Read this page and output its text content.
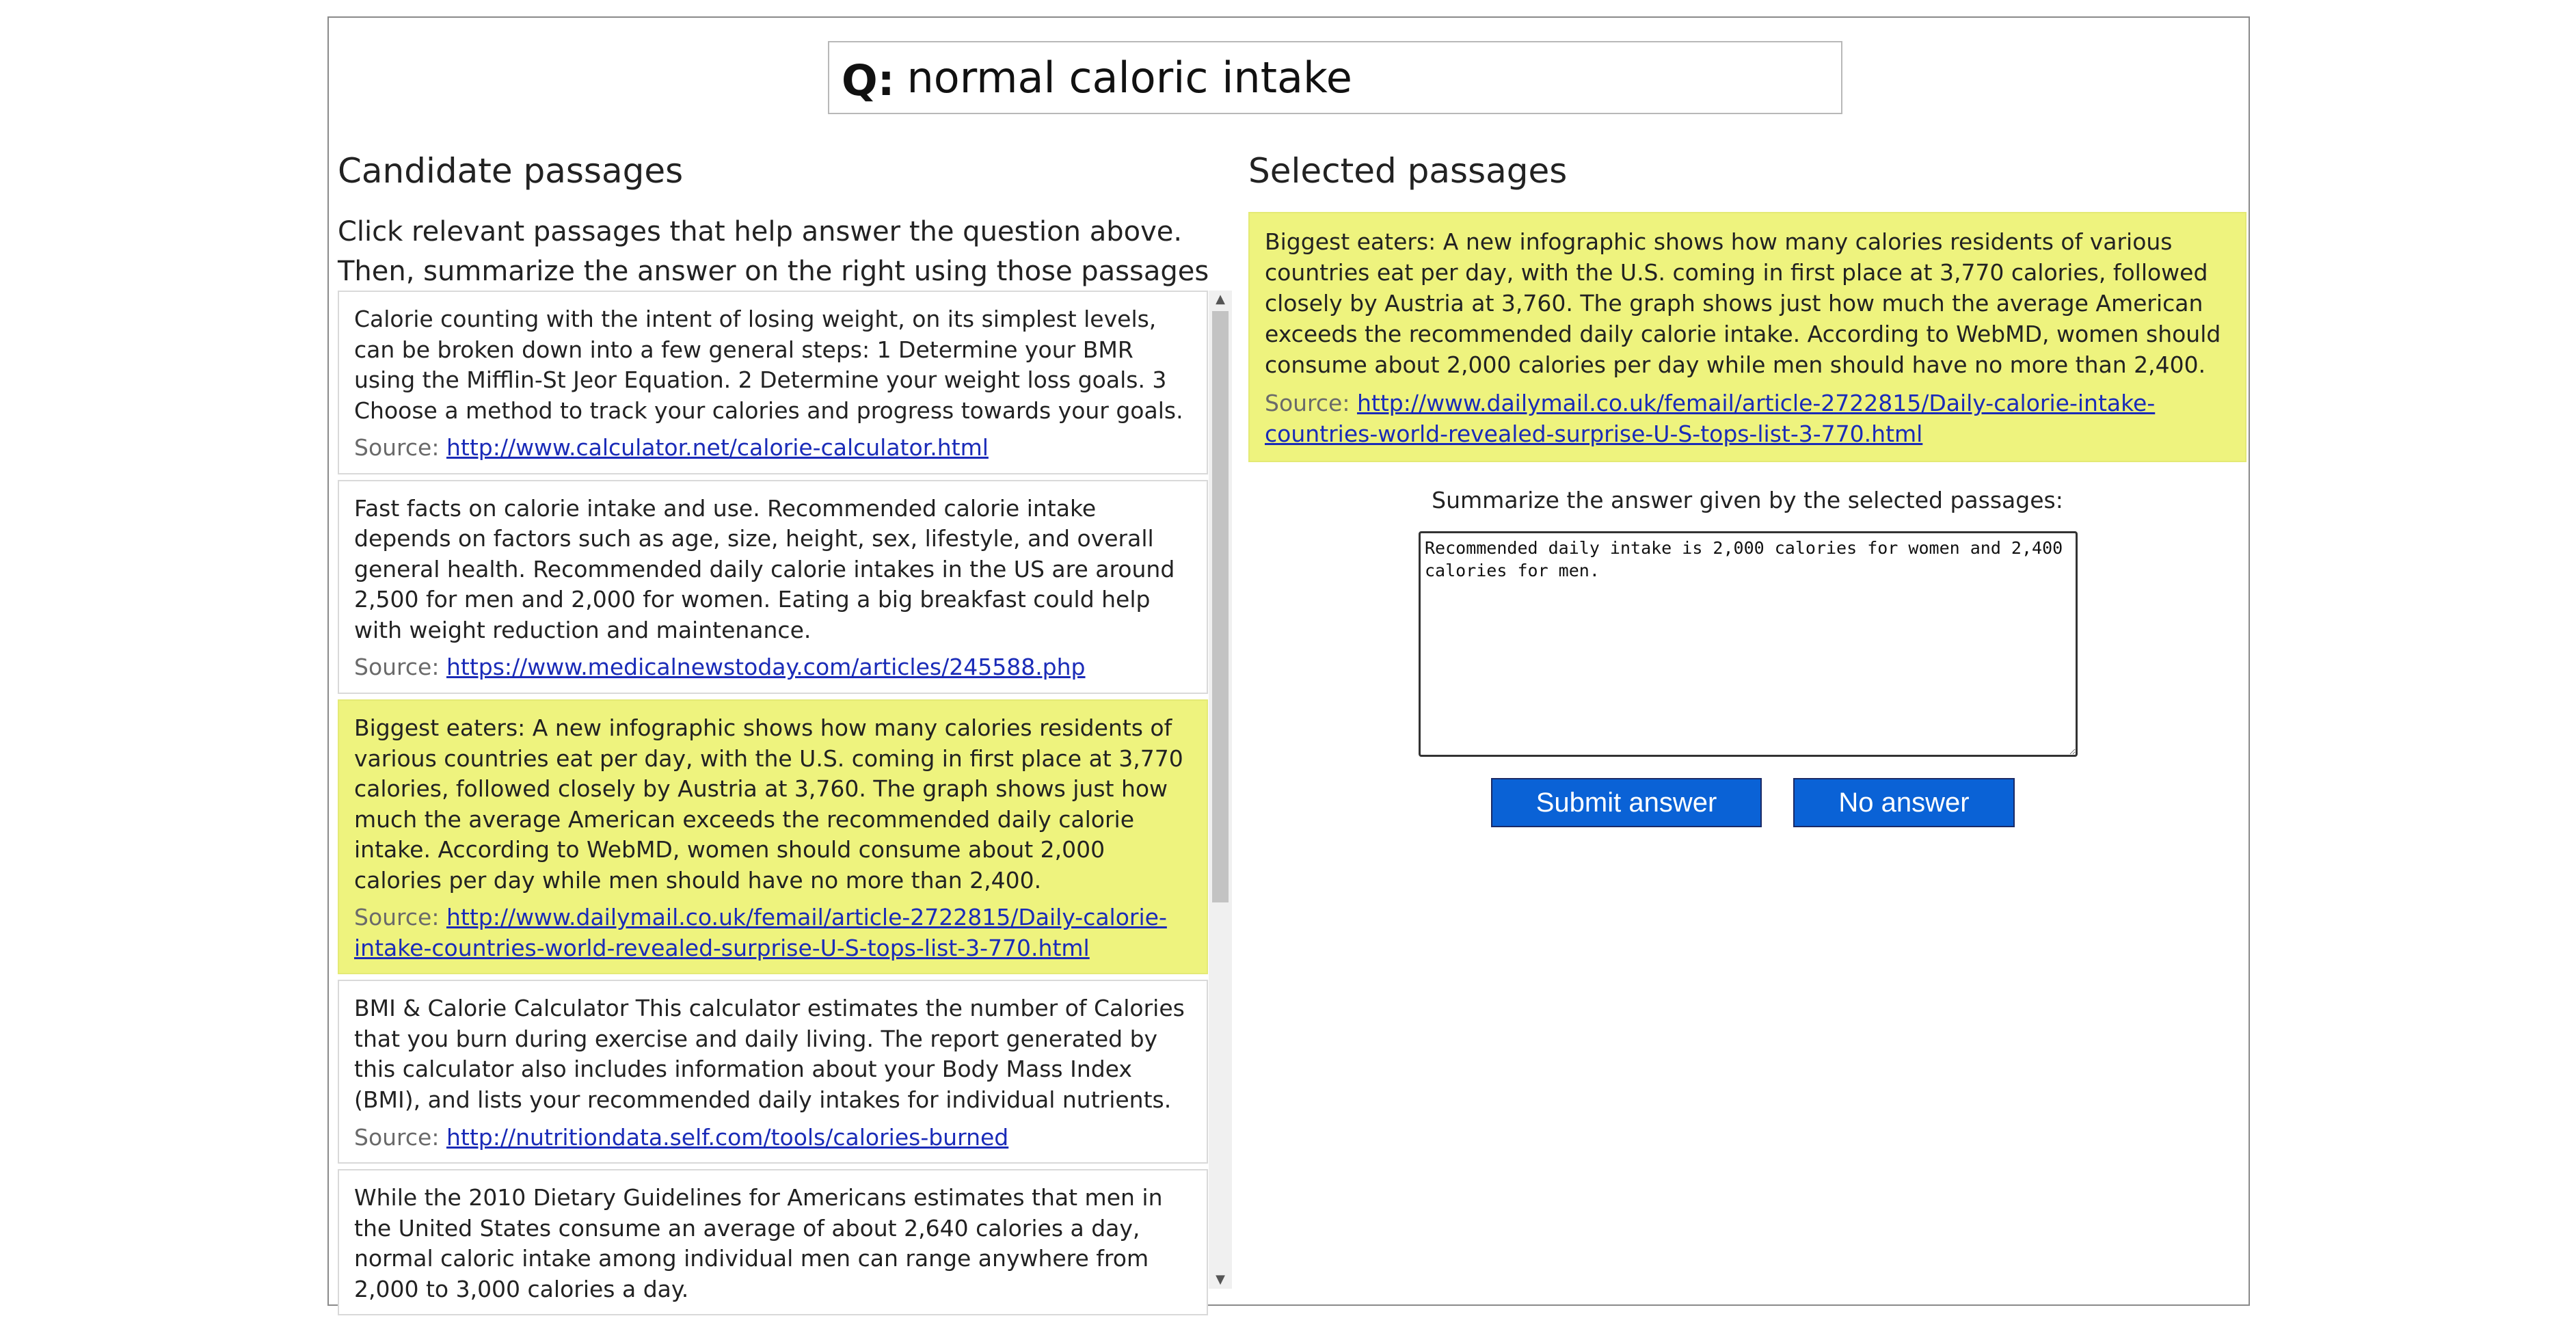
Q: normal caloric intake
Candidate passages
Click relevant passages that help answer the question above. Then, summarize the answer on the right using those passages
Calorie counting with the intent of losing weight, on its simplest levels, can be broken down into a few general steps: 1 Determine your BMR using the Mifflin-St Jeor Equation. 2 Determine your weight loss goals. 3 Choose a method to track your calories and progress towards your goals.
Source: http://www.calculator.net/calorie-calculator.html
Fast facts on calorie intake and use. Recommended calorie intake depends on factors such as age, size, height, sex, lifestyle, and overall general health. Recommended daily calorie intakes in the US are around 2,500 for men and 2,000 for women. Eating a big breakfast could help with weight reduction and maintenance.
Source: https://www.medicalnewstoday.com/articles/245588.php
Biggest eaters: A new infographic shows how many calories residents of various countries eat per day, with the U.S. coming in first place at 3,770 calories, followed closely by Austria at 3,760. The graph shows just how much the average American exceeds the recommended daily calorie intake. According to WebMD, women should consume about 2,000 calories per day while men should have no more than 2,400.
Source: http://www.dailymail.co.uk/femail/article-2722815/Daily-calorie-intake-countries-world-revealed-surprise-U-S-tops-list-3-770.html
BMI & Calorie Calculator This calculator estimates the number of Calories that you burn during exercise and daily living. The report generated by this calculator also includes information about your Body Mass Index (BMI), and lists your recommended daily intakes for individual nutrients.
Source: http://nutritiondata.self.com/tools/calories-burned
While the 2010 Dietary Guidelines for Americans estimates that men in the United States consume an average of about 2,640 calories a day, normal caloric intake among individual men can range anywhere from 2,000 to 3,000 calories a day.
▲
▼
Selected passages
Biggest eaters: A new infographic shows how many calories residents of various countries eat per day, with the U.S. coming in first place at 3,770 calories, followed closely by Austria at 3,760. The graph shows just how much the average American exceeds the recommended daily calorie intake. According to WebMD, women should consume about 2,000 calories per day while men should have no more than 2,400.
Source: http://www.dailymail.co.uk/femail/article-2722815/Daily-calorie-intake-countries-world-revealed-surprise-U-S-tops-list-3-770.html
Summarize the answer given by the selected passages:
Recommended daily intake is 2,000 calories for women and 2,400 calories for men.
Submit answer	No answer
